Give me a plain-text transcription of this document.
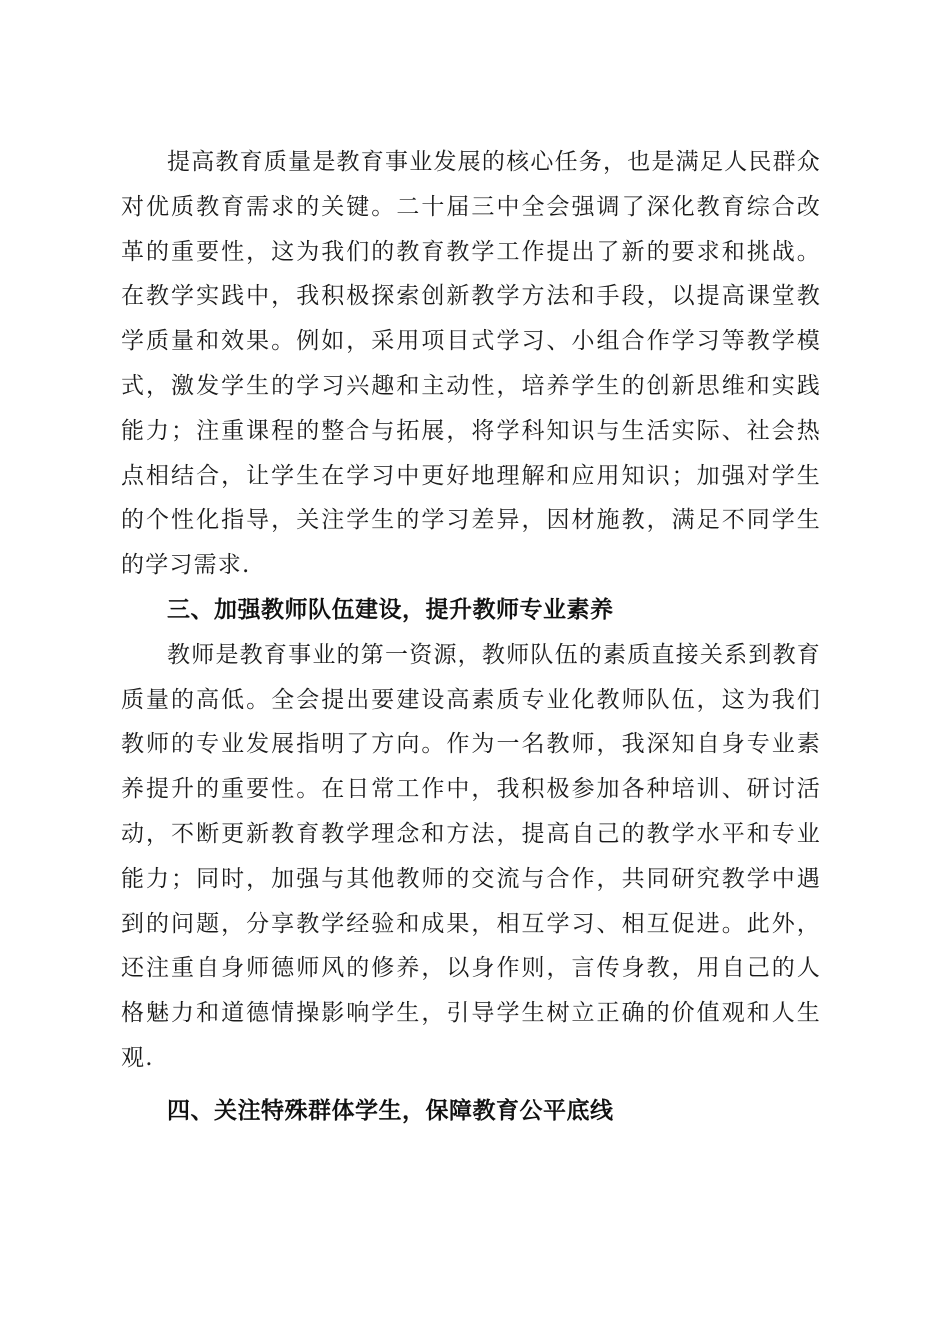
提高教育质量是教育事业发展的核心任务，也是满足人民群众对优质教育需求的关键。二十届三中全会强调了深化教育综合改革的重要性，这为我们的教育教学工作提出了新的要求和挑战。在教学实践中，我积极探索创新教学方法和手段，以提高课堂教学质量和效果。例如，采用项目式学习、小组合作学习等教学模式，激发学生的学习兴趣和主动性，培养学生的创新思维和实践能力；注重课程的整合与拓展，将学科知识与生活实际、社会热点相结合，让学生在学习中更好地理解和应用知识；加强对学生的个性化指导，关注学生的学习差异，因材施教，满足不同学生的学习需求.

三、加强教师队伍建设，提升教师专业素养

教师是教育事业的第一资源，教师队伍的素质直接关系到教育质量的高低。全会提出要建设高素质专业化教师队伍，这为我们教师的专业发展指明了方向。作为一名教师，我深知自身专业素养提升的重要性。在日常工作中，我积极参加各种培训、研讨活动，不断更新教育教学理念和方法，提高自己的教学水平和专业能力；同时，加强与其他教师的交流与合作，共同研究教学中遇到的问题，分享教学经验和成果，相互学习、相互促进。此外，还注重自身师德师风的修养，以身作则，言传身教，用自己的人格魅力和道德情操影响学生，引导学生树立正确的价值观和人生观.

四、关注特殊群体学生，保障教育公平底线
